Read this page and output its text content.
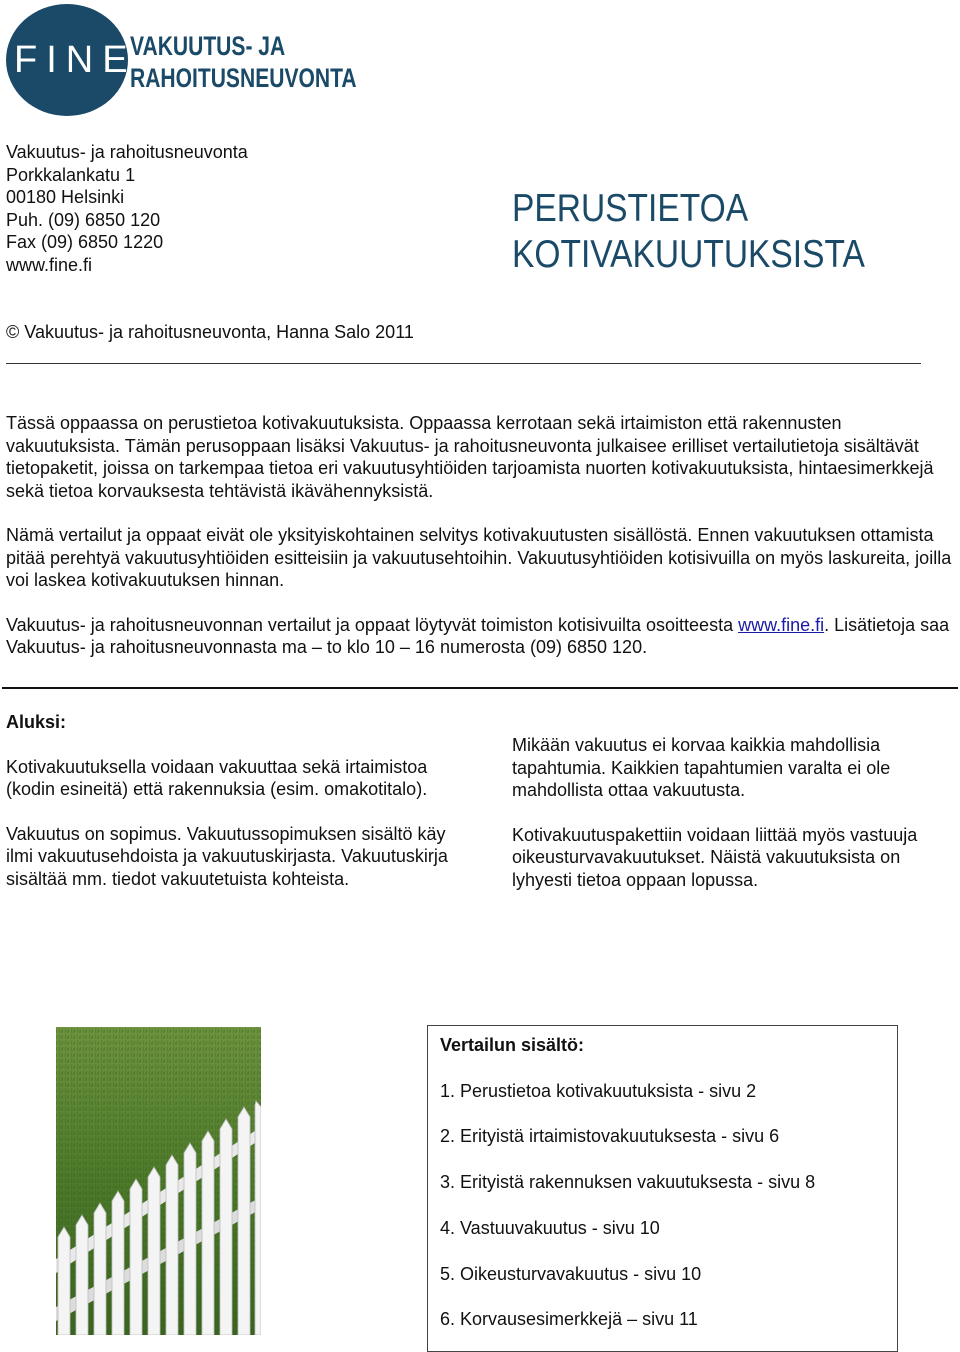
FINE
VAKUUTUS- JA
RAHOITUSNEUVONTA
Vakuutus- ja rahoitusneuvonta
Porkkalankatu 1
00180 Helsinki
Puh. (09) 6850 120
Fax (09) 6850 1220
www.fine.fi
PERUSTIETOA
KOTIVAKUUTUKSISTA
© Vakuutus- ja rahoitusneuvonta, Hanna Salo 2011

Tässä oppaassa on perustietoa kotivakuutuksista. Oppaassa kerrotaan sekä irtaimiston että rakennusten vakuutuksista. Tämän perusoppaan lisäksi Vakuutus- ja rahoitusneuvonta julkaisee erilliset vertailutietoja sisältävät tietopaketit, joissa on tarkempaa tietoa eri vakuutusyhtiöiden tarjoamista nuorten kotivakuutuksista, hintaesimerkkejä sekä tietoa korvauksesta tehtävistä ikävähennyksistä.

Nämä vertailut ja oppaat eivät ole yksityiskohtainen selvitys kotivakuutusten sisällöstä. Ennen vakuutuksen ottamista pitää perehtyä vakuutusyhtiöiden esitteisiin ja vakuutusehtoihin. Vakuutusyhtiöiden kotisivuilla on myös laskureita, joilla voi laskea kotivakuutuksen hinnan.

Vakuutus- ja rahoitusneuvonnan vertailut ja oppaat löytyvät toimiston kotisivuilta osoitteesta www.fine.fi. Lisätietoja saa Vakuutus- ja rahoitusneuvonnasta ma – to klo 10 – 16 numerosta (09) 6850 120.

Aluksi:

Kotivakuutuksella voidaan vakuuttaa sekä irtaimistoa (kodin esineitä) että rakennuksia (esim. omakotitalo).

Vakuutus on sopimus. Vakuutussopimuksen sisältö käy ilmi vakuutusehdoista ja vakuutuskirjasta. Vakuutuskirja sisältää mm. tiedot vakuutetuista kohteista.

Mikään vakuutus ei korvaa kaikkia mahdollisia tapahtumia. Kaikkien tapahtumien varalta ei ole mahdollista ottaa vakuutusta.

Kotivakuutuspakettiin voidaan liittää myös vastuuja oikeusturvavakuutukset. Näistä vakuutuksista on lyhyesti tietoa oppaan lopussa.

Vertailun sisältö:
1. Perustietoa kotivakuutuksista - sivu 2
2. Erityistä irtaimistovakuutuksesta - sivu 6
3. Erityistä rakennuksen vakuutuksesta - sivu 8
4. Vastuuvakuutus - sivu 10
5. Oikeusturvavakuutus - sivu 10
6. Korvausesimerkkejä – sivu 11
